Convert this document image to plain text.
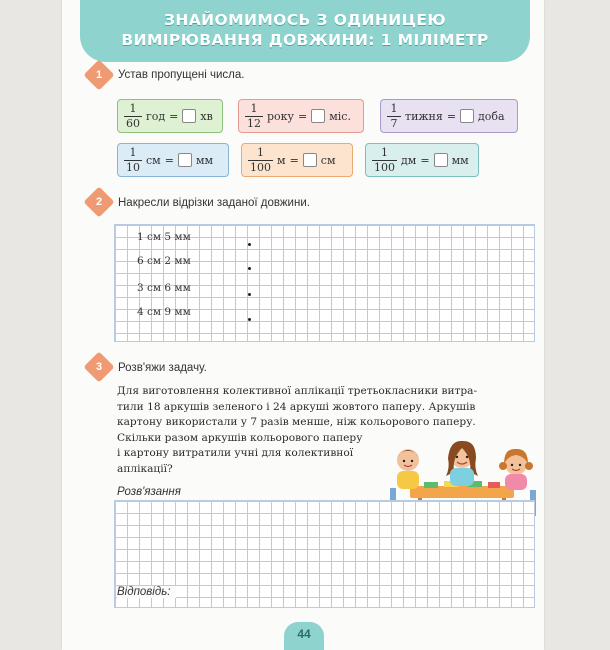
ЗНАЙОМИМОСЬ З ОДИНИЦЕЮ
ВИМІРЮВАННЯ ДОВЖИНИ: 1 МІЛІМЕТР
1	Устав пропущені числа.
$\frac{1}{60}$ год = хв	$\frac{1}{12}$ року = міс.	$\frac{1}{7}$ тижня = доба
$\frac{1}{10}$ см = мм	$\frac{1}{100}$ м = см	$\frac{1}{100}$ дм = мм
2	Накресли відрізки заданої довжини.
1 см 5 мм
6 см 2 мм
3 см 6 мм
4 см 9 мм
3	Розв'яжи задачу.
Для виготовлення колективної аплікації третьокласники витра-
тили 18 аркушів зеленого і 24 аркуші жовтого паперу. Аркушів
картону використали у 7 разів менше, ніж кольорового паперу.
Скільки разом аркушів кольорового паперу
і картону витратили учні для колективної
аплікації?
Розв'язання
Відповідь:
44
